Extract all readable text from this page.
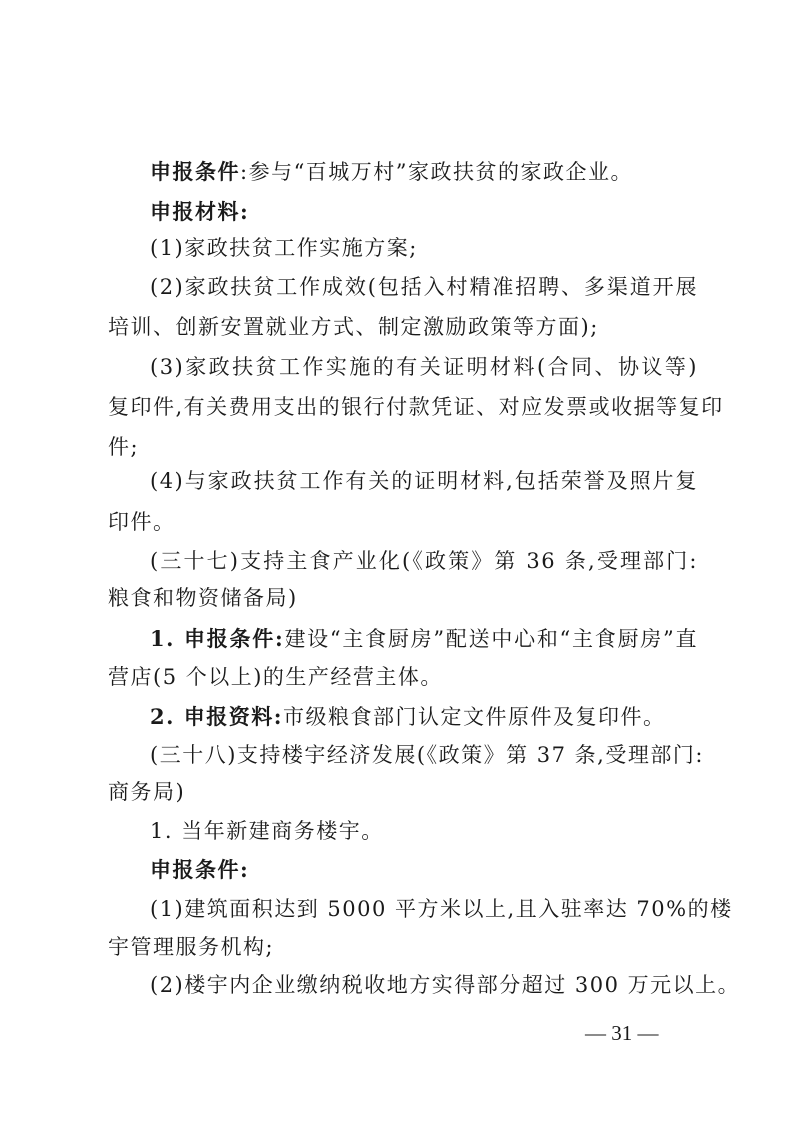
申报条件:参与“百城万村”家政扶贫的家政企业。
申报材料:
(1)家政扶贫工作实施方案;
(2)家政扶贫工作成效(包括入村精准招聘、多渠道开展
培训、创新安置就业方式、制定激励政策等方面);
(3)家政扶贫工作实施的有关证明材料(合同、协议等)
复印件,有关费用支出的银行付款凭证、对应发票或收据等复印
件;
(4)与家政扶贫工作有关的证明材料,包括荣誉及照片复
印件。
(三十七)支持主食产业化(《政策》第 36 条,受理部门:
粮食和物资储备局)
1. 申报条件:建设“主食厨房”配送中心和“主食厨房”直
营店(5 个以上)的生产经营主体。
2. 申报资料:市级粮食部门认定文件原件及复印件。
(三十八)支持楼宇经济发展(《政策》第 37 条,受理部门:
商务局)
1. 当年新建商务楼宇。
申报条件:
(1)建筑面积达到 5000 平方米以上,且入驻率达 70%的楼
宇管理服务机构;
(2)楼宇内企业缴纳税收地方实得部分超过 300 万元以上。
— 31 —
